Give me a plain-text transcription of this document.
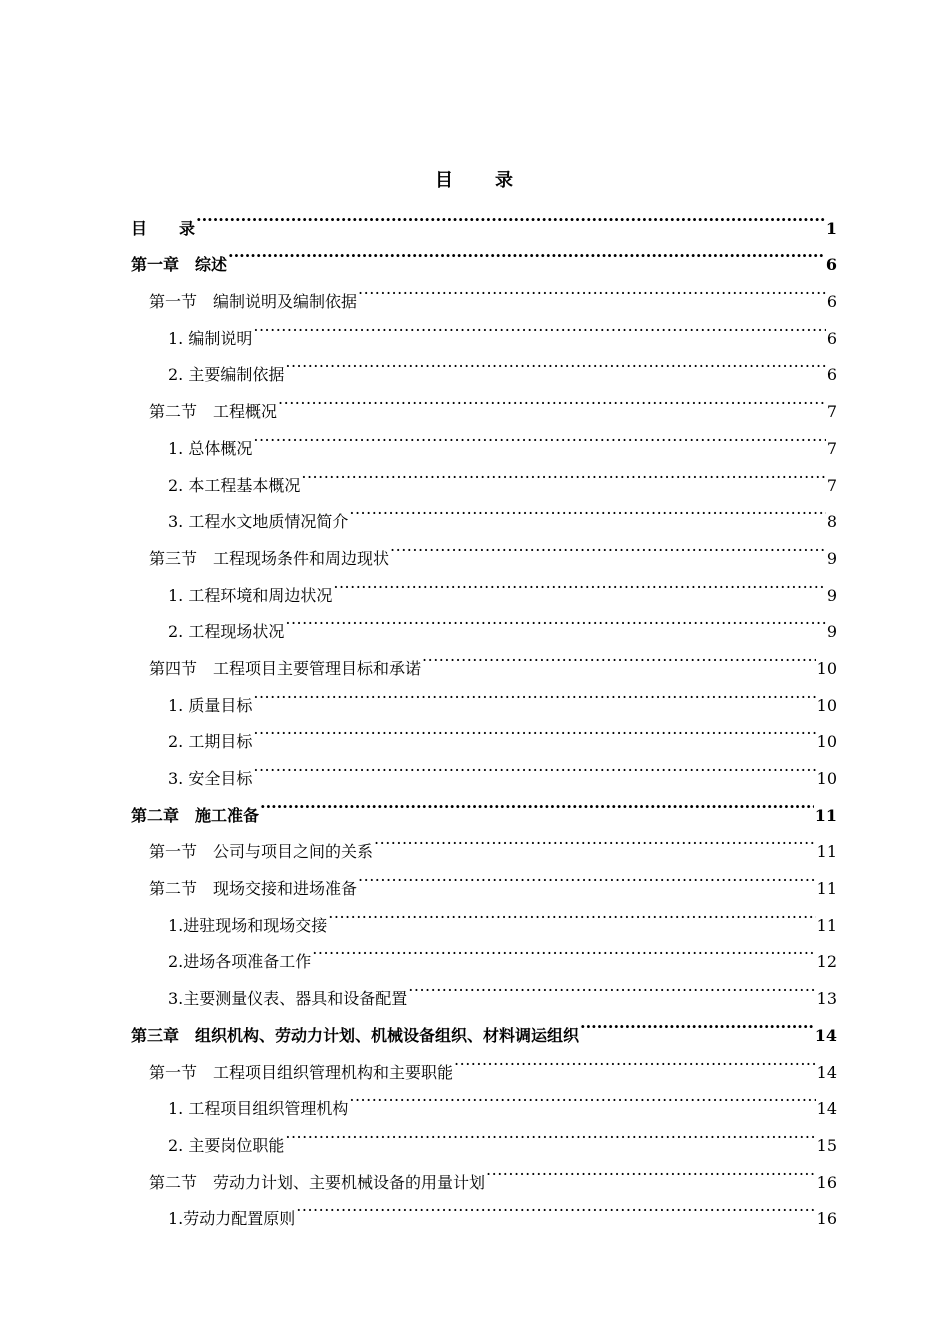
目　　录
目　　录 .....	1
第一章　综述 .....	6
第一节　编制说明及编制依据 .....	6
1. 编制说明 .....	6
2. 主要编制依据 .....	6
第二节　工程概况 .....	7
1. 总体概况 .....	7
2. 本工程基本概况 .....	7
3. 工程水文地质情况简介 .....	8
第三节　工程现场条件和周边现状 .....	9
1. 工程环境和周边状况 .....	9
2. 工程现场状况 .....	9
第四节　工程项目主要管理目标和承诺 .....	10
1. 质量目标 .....	10
2. 工期目标 .....	10
3. 安全目标 .....	10
第二章　施工准备 .....	11
第一节　公司与项目之间的关系 .....	11
第二节　现场交接和进场准备 .....	11
1.进驻现场和现场交接 .....	11
2.进场各项准备工作 .....	12
3.主要测量仪表、器具和设备配置 .....	13
第三章　组织机构、劳动力计划、机械设备组织、材料调运组织 .....	14
第一节　工程项目组织管理机构和主要职能 .....	14
1. 工程项目组织管理机构 .....	14
2. 主要岗位职能 .....	15
第二节　劳动力计划、主要机械设备的用量计划 .....	16
1.劳动力配置原则 .....	16
